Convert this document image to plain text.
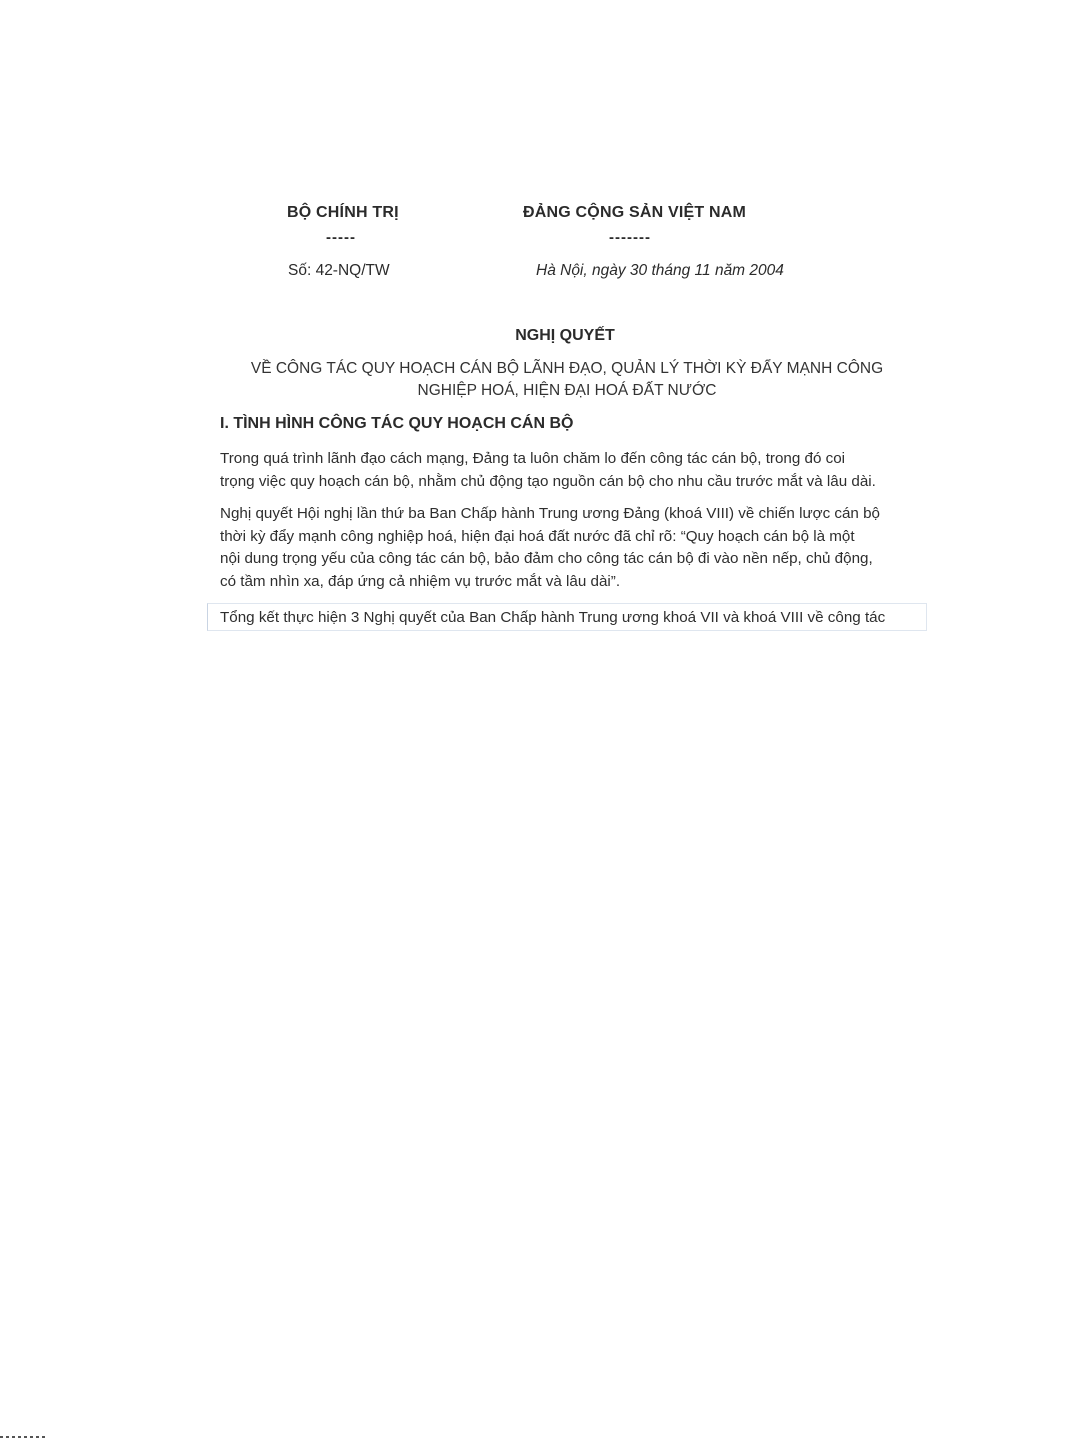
BỘ CHÍNH TRỊ
-----
Số: 42-NQ/TW
ĐẢNG CỘNG SẢN VIỆT NAM
-------
Hà Nội, ngày 30 tháng 11 năm 2004
NGHỊ QUYẾT
VỀ CÔNG TÁC QUY HOẠCH CÁN BỘ LÃNH ĐẠO, QUẢN LÝ THỜI KỲ ĐẨY MẠNH CÔNG
NGHIỆP HOÁ, HIỆN ĐẠI HOÁ ĐẤT NƯỚC
I. TÌNH HÌNH CÔNG TÁC QUY HOẠCH CÁN BỘ
Trong quá trình lãnh đạo cách mạng, Đảng ta luôn chăm lo đến công tác cán bộ, trong đó coi
trọng việc quy hoạch cán bộ, nhằm chủ động tạo nguồn cán bộ cho nhu cầu trước mắt và lâu dài.
Nghị quyết Hội nghị lần thứ ba Ban Chấp hành Trung ương Đảng (khoá VIII) về chiến lược cán bộ
thời kỳ đẩy mạnh công nghiệp hoá, hiện đại hoá đất nước đã chỉ rõ: “Quy hoạch cán bộ là một
nội dung trọng yếu của công tác cán bộ, bảo đảm cho công tác cán bộ đi vào nền nếp, chủ động,
có tầm nhìn xa, đáp ứng cả nhiệm vụ trước mắt và lâu dài”.
Tổng kết thực hiện 3 Nghị quyết của Ban Chấp hành Trung ương khoá VII và khoá VIII về công tác
